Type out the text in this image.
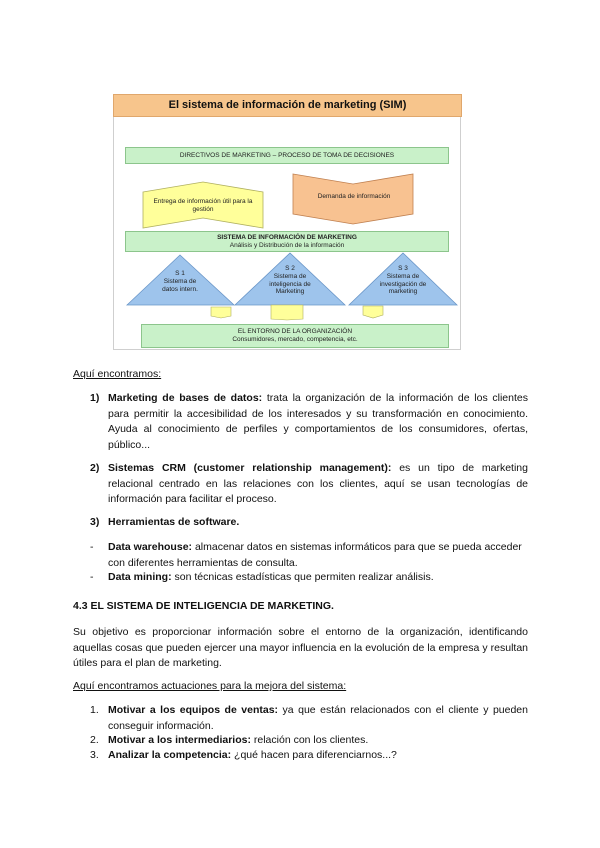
El sistema de información de marketing (SIM)
DIRECTIVOS DE MARKETING – PROCESO DE TOMA DE DECISIONES
Entrega de información útil para la gestión
Demanda de información
SISTEMA DE INFORMACIÓN DE MARKETING
Análisis y Distribución de la información
S 1
Sistema de datos intern.
S 2
Sistema de inteligencia de Marketing
S 3
Sistema de investigación de marketing
EL ENTORNO DE LA ORGANIZACIÓN
Consumidores, mercado, competencia, etc.
Aquí encontramos:
1) Marketing de bases de datos: trata la organización de la información de los clientes para permitir la accesibilidad de los interesados y su transformación en conocimiento. Ayuda al conocimiento de perfiles y comportamientos de los consumidores, ofertas, público...
2) Sistemas CRM (customer relationship management): es un tipo de marketing relacional centrado en las relaciones con los clientes, aquí se usan tecnologías de información para facilitar el proceso.
3) Herramientas de software.
- Data warehouse: almacenar datos en sistemas informáticos para que se pueda acceder con diferentes herramientas de consulta.
- Data mining: son técnicas estadísticas que permiten realizar análisis.
4.3 EL SISTEMA DE INTELIGENCIA DE MARKETING.
Su objetivo es proporcionar información sobre el entorno de la organización, identificando aquellas cosas que pueden ejercer una mayor influencia en la evolución de la empresa y resultan útiles para el plan de marketing.
Aquí encontramos actuaciones para la mejora del sistema:
1. Motivar a los equipos de ventas: ya que están relacionados con el cliente y pueden conseguir información.
2. Motivar a los intermediarios: relación con los clientes.
3. Analizar la competencia: ¿qué hacen para diferenciarnos...?
